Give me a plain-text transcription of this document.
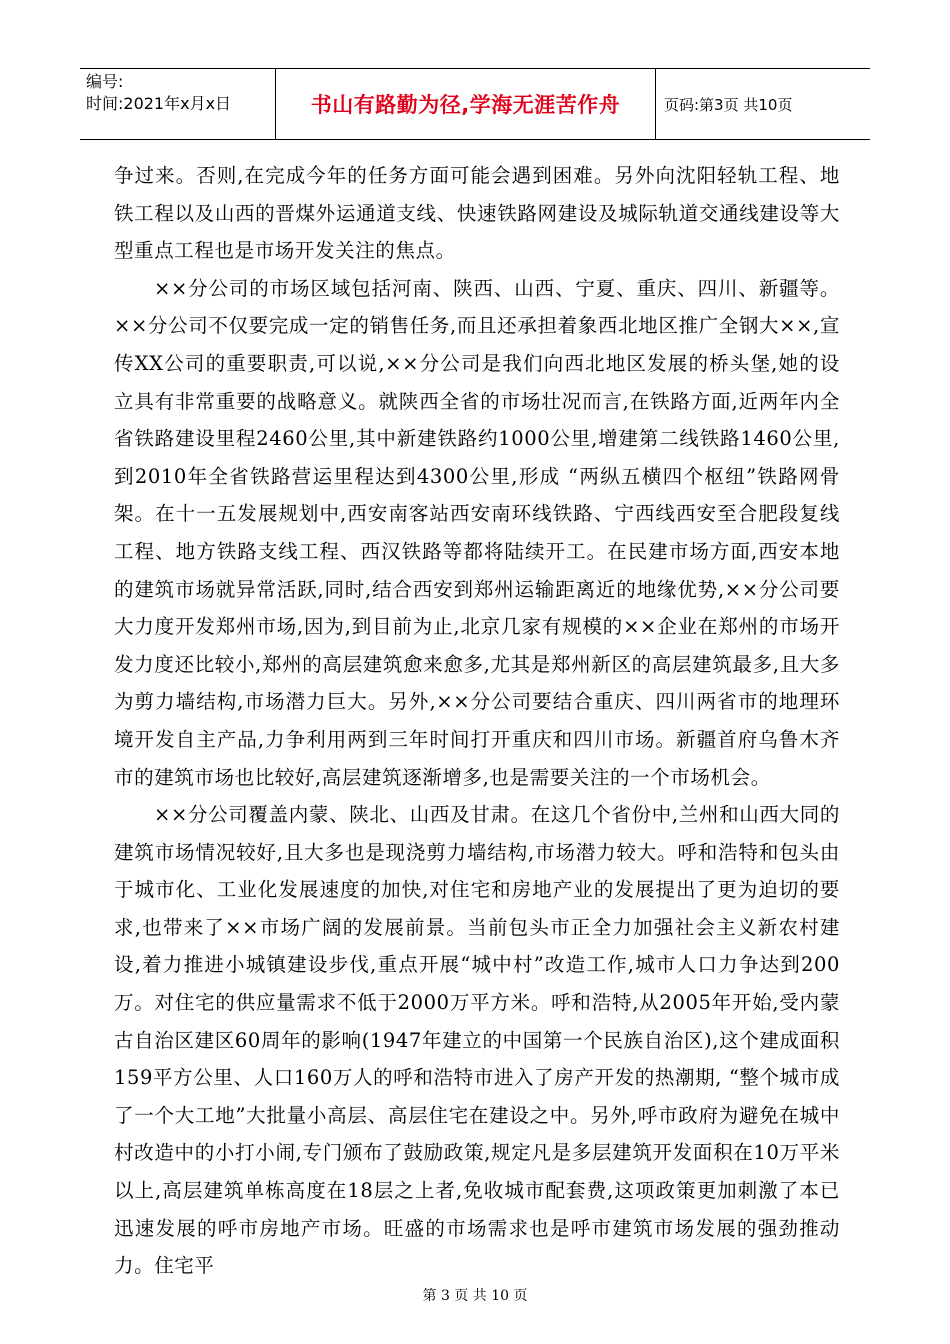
编号:
时间:2021年x月x日	书山有路勤为径,学海无涯苦作舟	页码:第3页 共10页

争过来。否则,在完成今年的任务方面可能会遇到困难。另外向沈阳轻轨工程、地铁工程以及山西的晋煤外运通道支线、快速铁路网建设及城际轨道交通线建设等大型重点工程也是市场开发关注的焦点。

××分公司的市场区域包括河南、陕西、山西、宁夏、重庆、四川、新疆等。××分公司不仅要完成一定的销售任务,而且还承担着象西北地区推广全钢大××,宣传XX公司的重要职责,可以说,××分公司是我们向西北地区发展的桥头堡,她的设立具有非常重要的战略意义。就陕西全省的市场壮况而言,在铁路方面,近两年内全省铁路建设里程2460公里,其中新建铁路约1000公里,增建第二线铁路1460公里,到2010年全省铁路营运里程达到4300公里,形成 “两纵五横四个枢纽”铁路网骨架。在十一五发展规划中,西安南客站西安南环线铁路、宁西线西安至合肥段复线工程、地方铁路支线工程、西汉铁路等都将陆续开工。在民建市场方面,西安本地的建筑市场就异常活跃,同时,结合西安到郑州运输距离近的地缘优势,××分公司要大力度开发郑州市场,因为,到目前为止,北京几家有规模的××企业在郑州的市场开发力度还比较小,郑州的高层建筑愈来愈多,尤其是郑州新区的高层建筑最多,且大多为剪力墙结构,市场潜力巨大。另外,××分公司要结合重庆、四川两省市的地理环境开发自主产品,力争利用两到三年时间打开重庆和四川市场。新疆首府乌鲁木齐市的建筑市场也比较好,高层建筑逐渐增多,也是需要关注的一个市场机会。

××分公司覆盖内蒙、陕北、山西及甘肃。在这几个省份中,兰州和山西大同的建筑市场情况较好,且大多也是现浇剪力墙结构,市场潜力较大。呼和浩特和包头由于城市化、工业化发展速度的加快,对住宅和房地产业的发展提出了更为迫切的要求,也带来了××市场广阔的发展前景。当前包头市正全力加强社会主义新农村建设,着力推进小城镇建设步伐,重点开展“城中村”改造工作,城市人口力争达到200万。对住宅的供应量需求不低于2000万平方米。呼和浩特,从2005年开始,受内蒙古自治区建区60周年的影响(1947年建立的中国第一个民族自治区),这个建成面积159平方公里、人口160万人的呼和浩特市进入了房产开发的热潮期, “整个城市成了一个大工地”大批量小高层、高层住宅在建设之中。另外,呼市政府为避免在城中村改造中的小打小闹,专门颁布了鼓励政策,规定凡是多层建筑开发面积在10万平米以上,高层建筑单栋高度在18层之上者,免收城市配套费,这项政策更加刺激了本已迅速发展的呼市房地产市场。旺盛的市场需求也是呼市建筑市场发展的强劲推动力。住宅平

第 3 页 共 10 页
